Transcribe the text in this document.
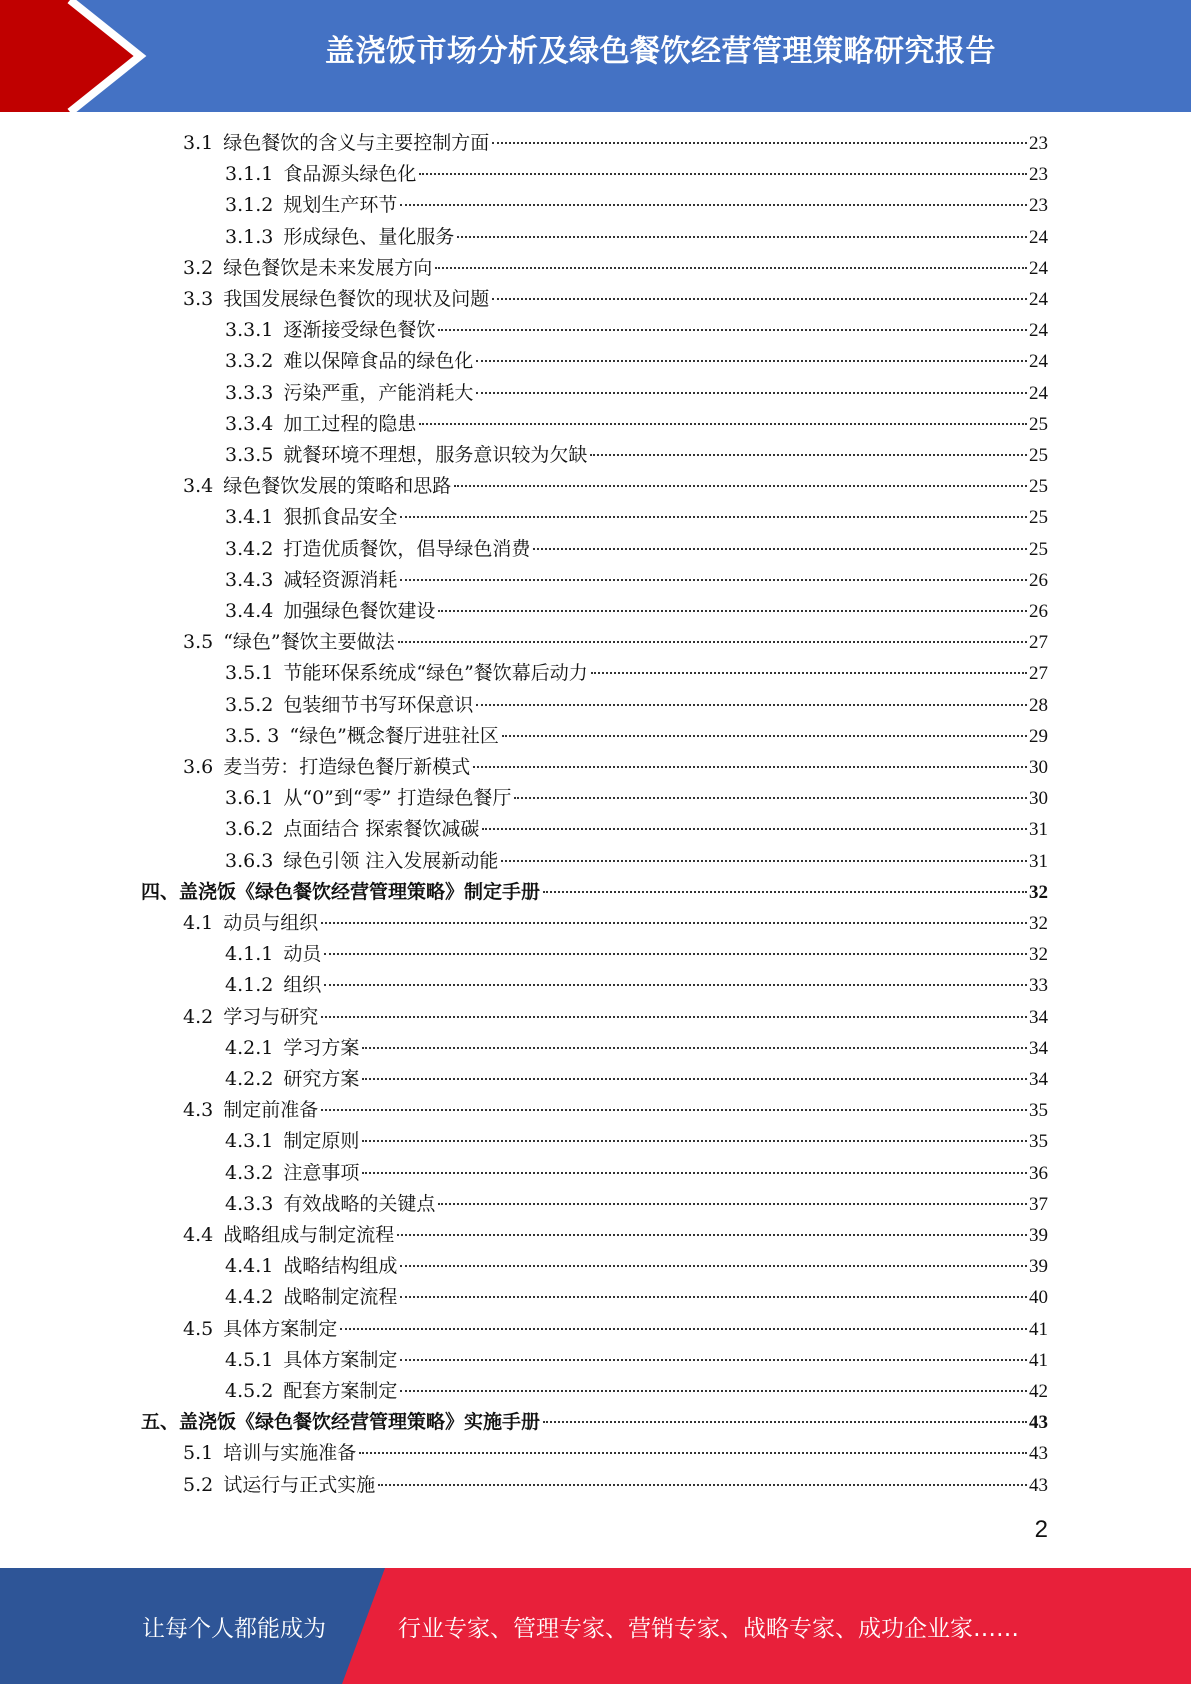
盖浇饭市场分析及绿色餐饮经营管理策略研究报告
3.1 绿色餐饮的含义与主要控制方面	23
3.1.1 食品源头绿色化	23
3.1.2 规划生产环节	23
3.1.3 形成绿色、量化服务	24
3.2 绿色餐饮是未来发展方向	24
3.3 我国发展绿色餐饮的现状及问题	24
3.3.1 逐渐接受绿色餐饮	24
3.3.2 难以保障食品的绿色化	24
3.3.3 污染严重，产能消耗大	24
3.3.4 加工过程的隐患	25
3.3.5 就餐环境不理想，服务意识较为欠缺	25
3.4 绿色餐饮发展的策略和思路	25
3.4.1 狠抓食品安全	25
3.4.2 打造优质餐饮，倡导绿色消费	25
3.4.3 减轻资源消耗	26
3.4.4 加强绿色餐饮建设	26
3.5 “绿色”餐饮主要做法	27
3.5.1 节能环保系统成“绿色”餐饮幕后动力	27
3.5.2 包装细节书写环保意识	28
3.5. 3 “绿色”概念餐厅进驻社区	29
3.6 麦当劳：打造绿色餐厅新模式	30
3.6.1 从“0”到“零” 打造绿色餐厅	30
3.6.2 点面结合 探索餐饮减碳	31
3.6.3 绿色引领 注入发展新动能	31
四、 盖浇饭《绿色餐饮经营管理策略》制定手册	32
4.1 动员与组织	32
4.1.1 动员	32
4.1.2 组织	33
4.2 学习与研究	34
4.2.1 学习方案	34
4.2.2 研究方案	34
4.3 制定前准备	35
4.3.1 制定原则	35
4.3.2 注意事项	36
4.3.3 有效战略的关键点	37
4.4 战略组成与制定流程	39
4.4.1 战略结构组成	39
4.4.2 战略制定流程	40
4.5 具体方案制定	41
4.5.1 具体方案制定	41
4.5.2 配套方案制定	42
五、 盖浇饭《绿色餐饮经营管理策略》实施手册	43
5.1 培训与实施准备	43
5.2 试运行与正式实施	43
2
让每个人都能成为	行业专家、管理专家、营销专家、战略专家、成功企业家……
